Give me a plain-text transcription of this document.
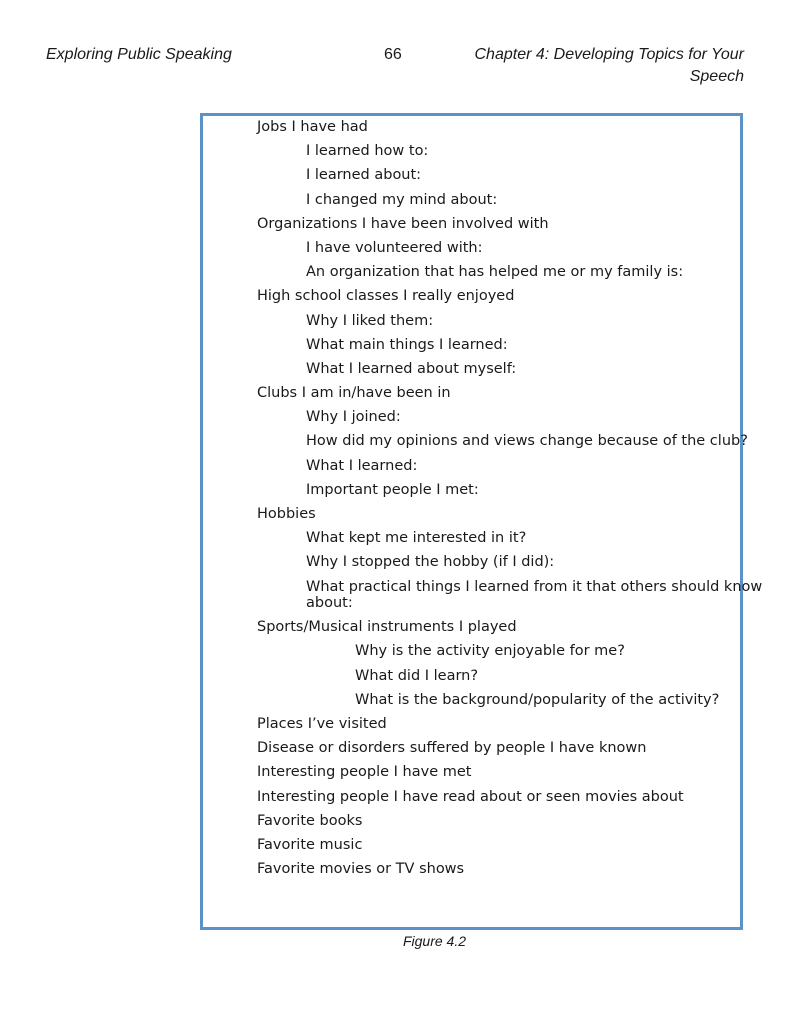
Exploring Public Speaking	66	Chapter 4: Developing Topics for Your Speech
Jobs I have had
I learned how to:
I learned about:
I changed my mind about:
Organizations I have been involved with
I have volunteered with:
An organization that has helped me or my family is:
High school classes I really enjoyed
Why I liked them:
What main things I learned:
What I learned about myself:
Clubs I am in/have been in
Why I joined:
How did my opinions and views change because of the club?
What I learned:
Important people I met:
Hobbies
What kept me interested in it?
Why I stopped the hobby (if I did):
What practical things I learned from it that others should know about:
Sports/Musical instruments I played
Why is the activity enjoyable for me?
What did I learn?
What is the background/popularity of the activity?
Places I’ve visited
Disease or disorders suffered by people I have known
Interesting people I have met
Interesting people I have read about or seen movies about
Favorite books
Favorite music
Favorite movies or TV shows
Figure 4.2
